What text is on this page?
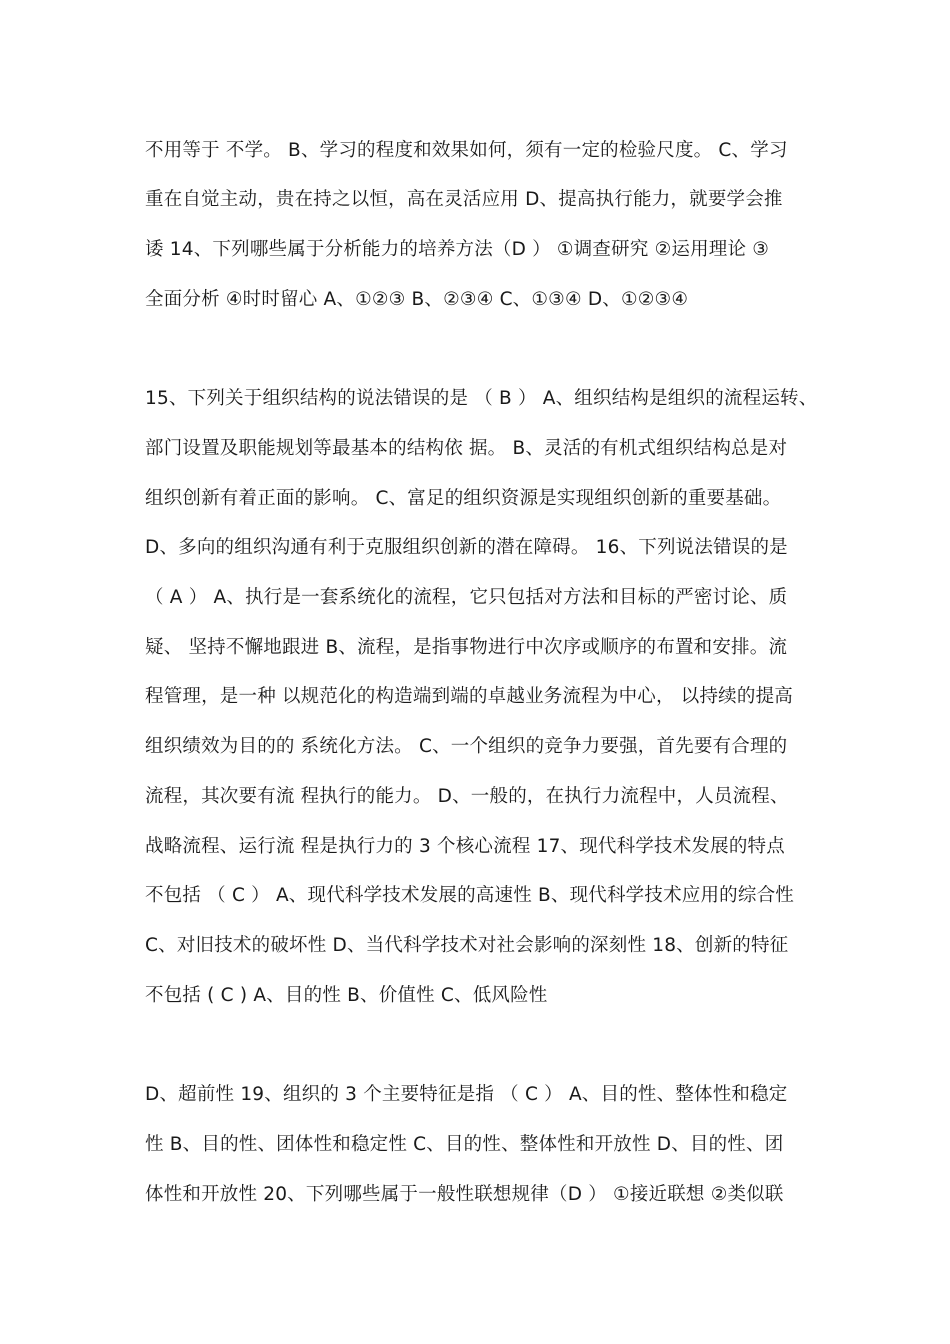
不用等于 不学。 B、学习的程度和效果如何，须有一定的检验尺度。 C、学习
重在自觉主动，贵在持之以恒，高在灵活应用 D、提高执行能力，就要学会推
诿 14、下列哪些属于分析能力的培养方法（D ） ①调查研究 ②运用理论 ③
全面分析 ④时时留心 A、①②③ B、②③④ C、①③④ D、①②③④
15、下列关于组织结构的说法错误的是 （ B ） A、组织结构是组织的流程运转、
部门设置及职能规划等最基本的结构依 据。 B、灵活的有机式组织结构总是对
组织创新有着正面的影响。 C、富足的组织资源是实现组织创新的重要基础。
D、多向的组织沟通有利于克服组织创新的潜在障碍。 16、下列说法错误的是
（ A ） A、执行是一套系统化的流程，它只包括对方法和目标的严密讨论、质
疑、 坚持不懈地跟进 B、流程，是指事物进行中次序或顺序的布置和安排。流
程管理，是一种 以规范化的构造端到端的卓越业务流程为中心， 以持续的提高
组织绩效为目的的 系统化方法。 C、一个组织的竞争力要强，首先要有合理的
流程，其次要有流 程执行的能力。 D、一般的，在执行力流程中，人员流程、
战略流程、运行流 程是执行力的 3 个核心流程 17、现代科学技术发展的特点
不包括 （ C ） A、现代科学技术发展的高速性 B、现代科学技术应用的综合性
C、对旧技术的破坏性 D、当代科学技术对社会影响的深刻性 18、创新的特征
不包括 ( C ) A、目的性 B、价值性 C、低风险性
D、超前性 19、组织的 3 个主要特征是指 （ C ） A、目的性、整体性和稳定
性 B、目的性、团体性和稳定性 C、目的性、整体性和开放性 D、目的性、团
体性和开放性 20、下列哪些属于一般性联想规律（D ） ①接近联想 ②类似联
